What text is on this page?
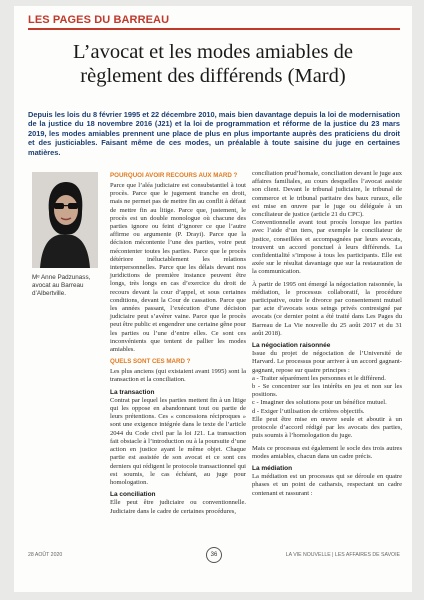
LES PAGES DU BARREAU
L’avocat et les modes amiables de
règlement des différends (Mard)
Depuis les lois du 8 février 1995 et 22 décembre 2010, mais bien davantage depuis la loi de modernisation de la justice du 18 novembre 2016 (J21) et la loi de programmation et réforme de la justice du 23 mars 2019, les modes amiables prennent une place de plus en plus importante auprès des praticiens du droit et des justiciables. Faisant même de ces modes, un préalable à toute saisine du juge en certaines matières.
Mᵉ Anne Padzunass, avocat au Barreau d’Albertville.
POURQUOI AVOIR RECOURS AUX MARD ?

Parce que l’aléa judiciaire est consubstantiel à tout procès. Parce que le jugement tranche en droit, mais ne permet pas de mettre fin au conflit à défaut de mettre fin au litige. Parce que, justement, le procès est un double monologue où chacune des parties ignore ou feint d’ignorer ce que l’autre affirme ou argumente (P. Drayi). Parce que la décision mécontente l’une des parties, voire peut mécontenter toutes les parties. Parce que le procès détériore inéluctablement les relations interpersonnelles. Parce que les délais devant nos juridictions de première instance peuvent être longs, très longs en cas d’exercice du droit de recours devant la cour d’appel, et sous certaines conditions, devant la Cour de cassation. Parce que les années passant, l’exécution d’une décision judiciaire peut s’avérer vaine. Parce que le procès peut être public et engendrer une certaine gêne pour les parties ou l’une d’entre elles. Ce sont ces inconvénients que tentent de pallier les modes amiables.

QUELS SONT CES MARD ?

Les plus anciens (qui existaient avant 1995) sont la transaction et la conciliation.

La transaction

Contrat par lequel les parties mettent fin à un litige qui les oppose en abandonnant tout ou partie de leurs prétentions. Ces « concessions réciproques » sont une exigence intégrée dans le texte de l’article 2044 du Code civil par la loi J21. La transaction fait obstacle à l’introduction ou à la poursuite d’une action en justice ayant le même objet. Chaque partie est assistée de son avocat et ce sont ces derniers qui rédigent le protocole transactionnel qui est soumis, le cas échéant, au juge pour homologation.

La conciliation

Elle peut être judiciaire ou conventionnelle. Judiciaire dans le cadre de certaines procédures,

conciliation prud’homale, conciliation devant le juge aux affaires familiales, au cours desquelles l’avocat assiste son client. Devant le tribunal judiciaire, le tribunal de commerce et le tribunal paritaire des baux ruraux, elle est mise en œuvre par le juge ou déléguée à un conciliateur de justice (article 21 du CPC).

Conventionnelle avant tout procès lorsque les parties avec l’aide d’un tiers, par exemple le conciliateur de justice, conseillées et accompagnées par leurs avocats, trouvent un accord ponctuel à leurs différends. La confidentialité s’impose à tous les participants. Elle est axée sur le résultat davantage que sur la restauration de la communication.

À partir de 1995 ont émergé la négociation raisonnée, la médiation, le processus collaboratif, la procédure participative, outre le divorce par consentement mutuel par acte d’avocats sous seings privés contresigné par avocats (ce dernier point a été traité dans Les Pages du Barreau de La Vie nouvelle du 25 août 2017 et du 31 août 2018).

La négociation raisonnée

Issue du projet de négociation de l’Université de Harvard. Le processus pour arriver à un accord gagnant-gagnant, repose sur quatre principes :

a - Traiter séparément les personnes et le différend.

b - Se concentrer sur les intérêts en jeu et non sur les positions.

c - Imaginer des solutions pour un bénéfice mutuel.

d - Exiger l’utilisation de critères objectifs.

Elle peut être mise en œuvre seule et aboutir à un protocole d’accord rédigé par les avocats des parties, puis soumis à l’homologation du juge.

Mais ce processus est également le socle des trois autres modes amiables, chacun dans un cadre précis.

La médiation

La médiation est un processus qui se déroule en quatre phases et un point de catharsis, respectant un cadre contenant et rassurant :

28 AOÛT 2020	LA VIE NOUVELLE | LES AFFAIRES DE SAVOIE
36
